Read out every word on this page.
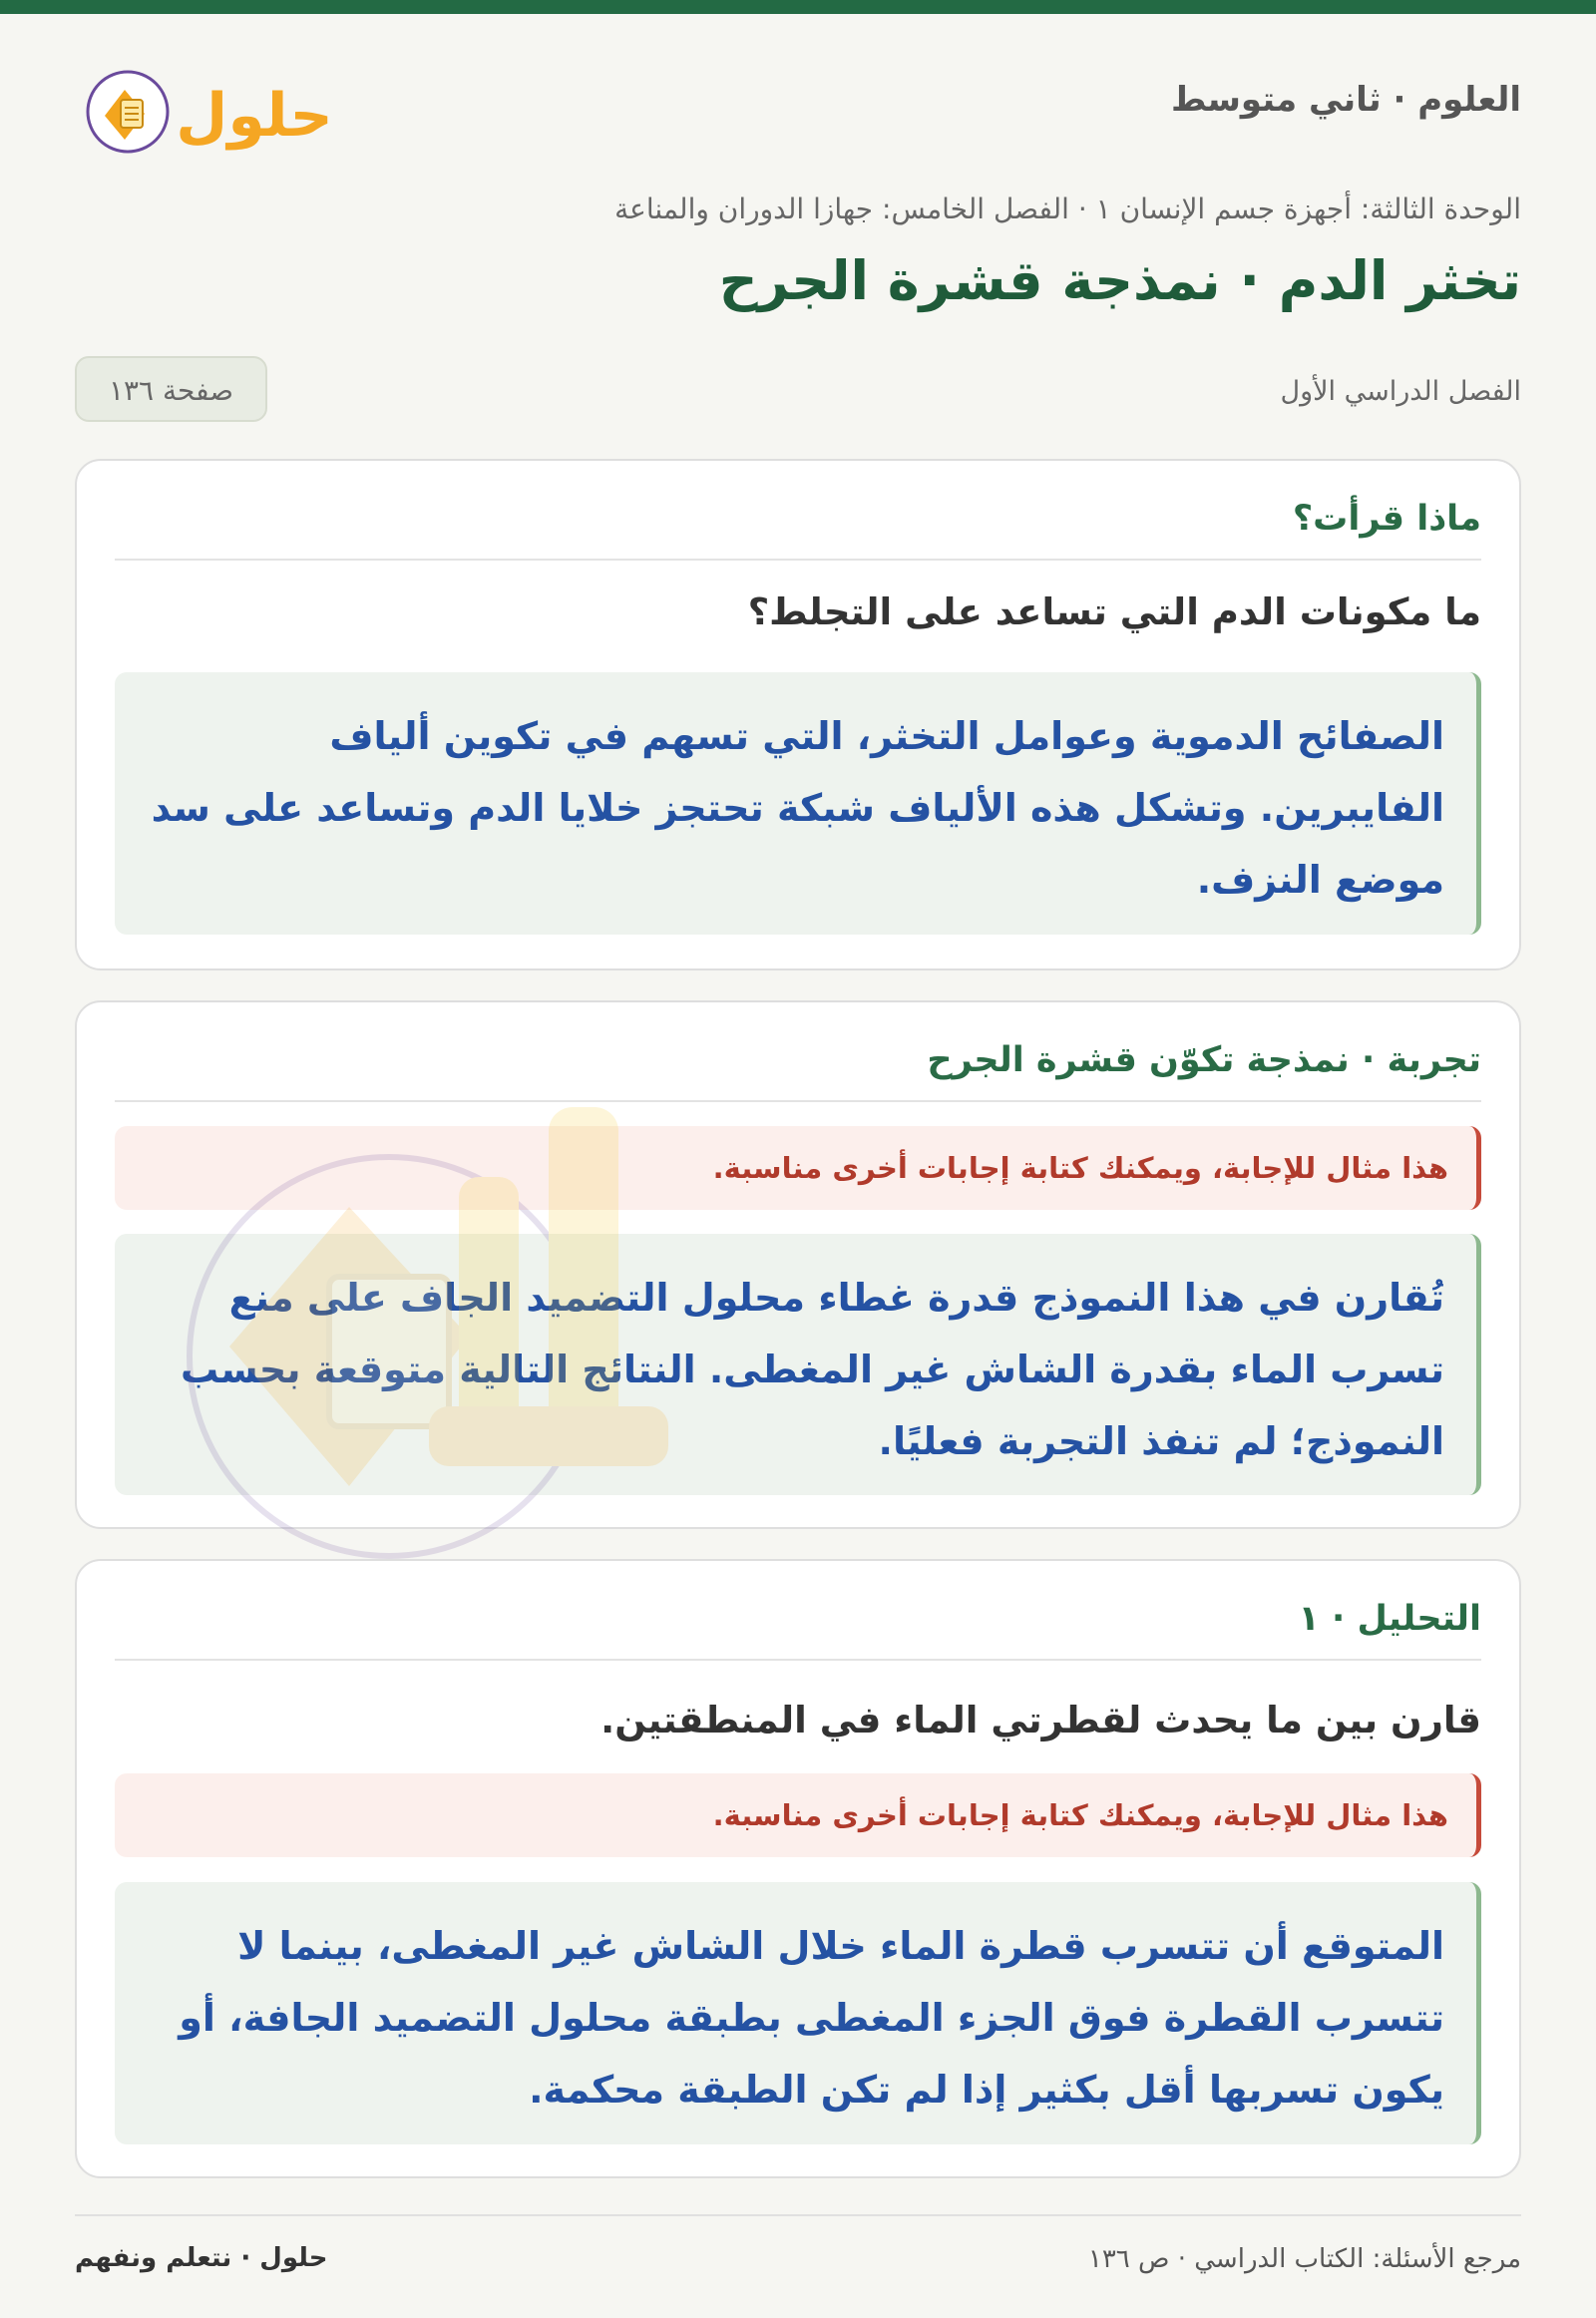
العلوم · ثاني متوسط
حلول
الوحدة الثالثة: أجهزة جسم الإنسان ١ · الفصل الخامس: جهازا الدوران والمناعة
تخثر الدم · نمذجة قشرة الجرح
الفصل الدراسي الأول
صفحة ١٣٦
ماذا قرأت؟
ما مكونات الدم التي تساعد على التجلط؟
الصفائح الدموية وعوامل التخثر، التي تسهم في تكوين ألياف الفايبرين. وتشكل هذه الألياف شبكة تحتجز خلايا الدم وتساعد على سد موضع النزف.
تجربة · نمذجة تكوّن قشرة الجرح
هذا مثال للإجابة، ويمكنك كتابة إجابات أخرى مناسبة.
تُقارن في هذا النموذج قدرة غطاء محلول التضميد الجاف على منع تسرب الماء بقدرة الشاش غير المغطى. النتائج التالية متوقعة بحسب النموذج؛ لم تنفذ التجربة فعليًا.
التحليل · ١
قارن بين ما يحدث لقطرتي الماء في المنطقتين.
هذا مثال للإجابة، ويمكنك كتابة إجابات أخرى مناسبة.
المتوقع أن تتسرب قطرة الماء خلال الشاش غير المغطى، بينما لا تتسرب القطرة فوق الجزء المغطى بطبقة محلول التضميد الجافة، أو يكون تسربها أقل بكثير إذا لم تكن الطبقة محكمة.
مرجع الأسئلة: الكتاب الدراسي · ص ١٣٦
حلول · نتعلم ونفهم
